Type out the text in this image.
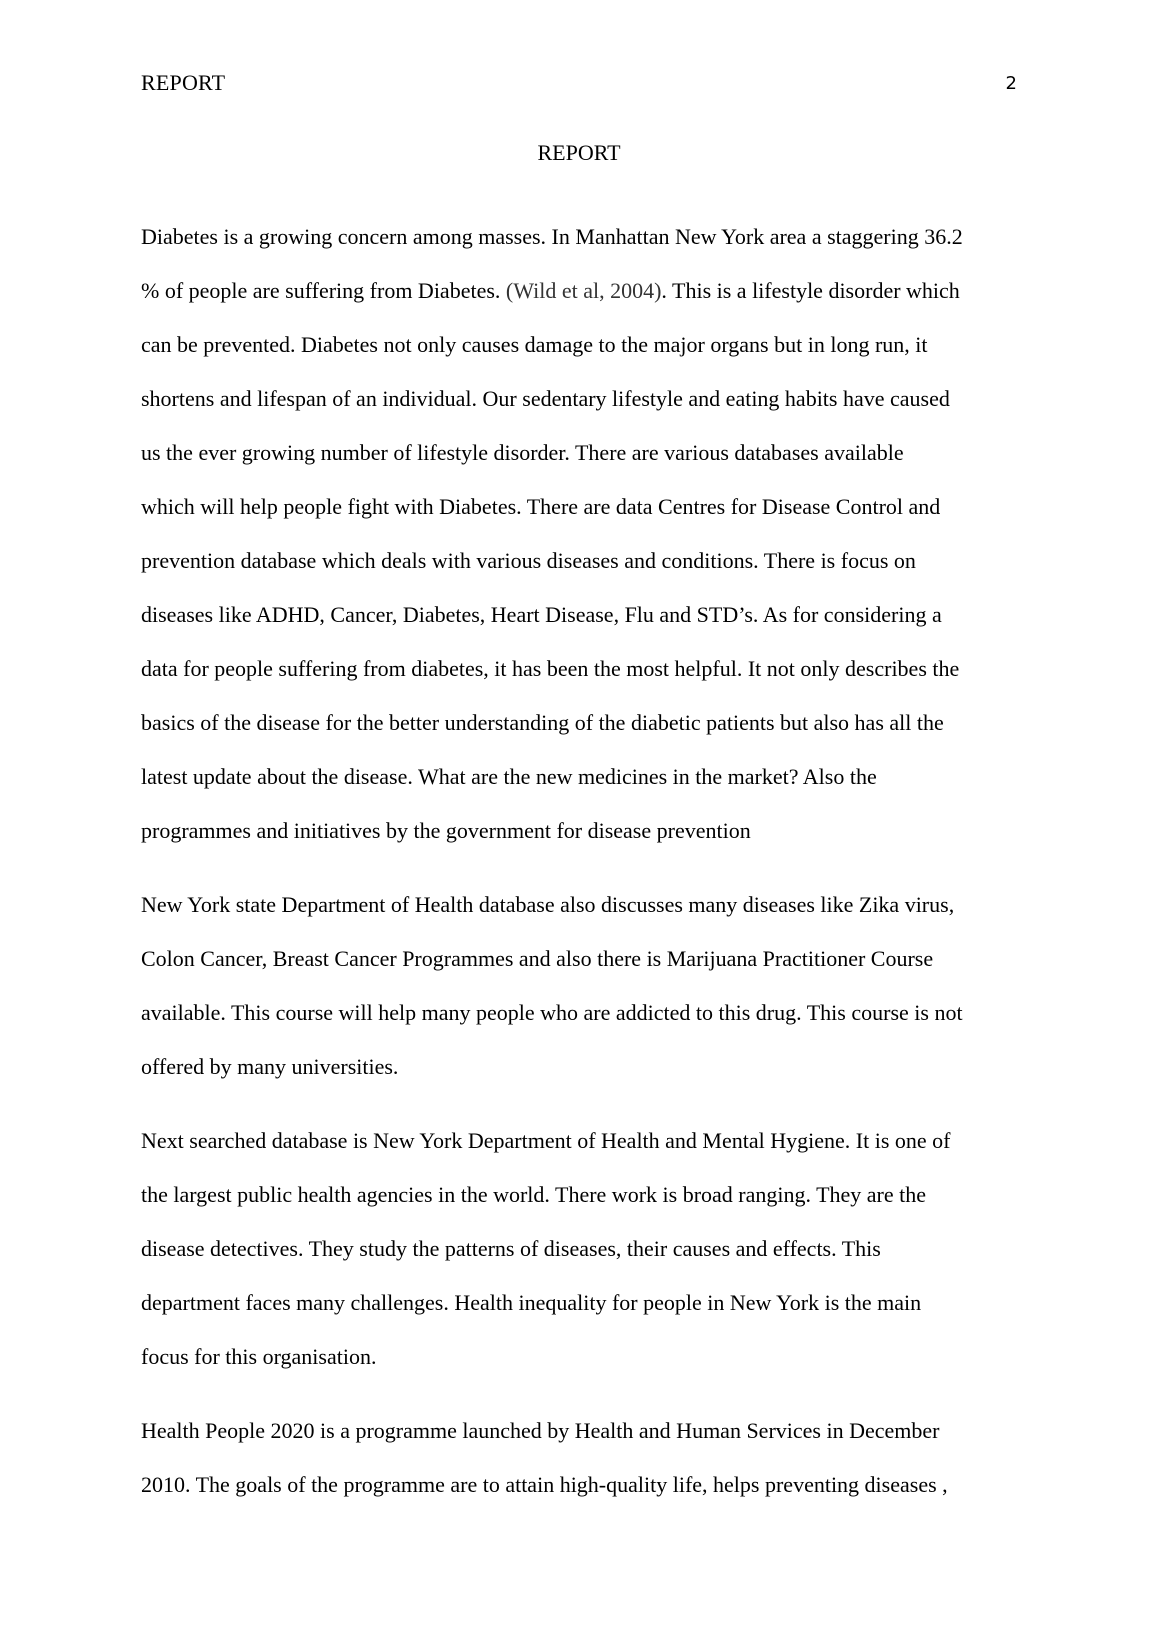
REPORT	2
REPORT

Diabetes is a growing concern among masses. In Manhattan New York area a staggering 36.2
% of people are suffering from Diabetes. (Wild et al, 2004). This is a lifestyle disorder which
can be prevented. Diabetes not only causes damage to the major organs but in long run, it
shortens and lifespan of an individual. Our sedentary lifestyle and eating habits have caused
us the ever growing number of lifestyle disorder. There are various databases available
which will help people fight with Diabetes. There are data Centres for Disease Control and
prevention database which deals with various diseases and conditions. There is focus on
diseases like ADHD, Cancer, Diabetes, Heart Disease, Flu and STD’s. As for considering a
data for people suffering from diabetes, it has been the most helpful. It not only describes the
basics of the disease for the better understanding of the diabetic patients but also has all the
latest update about the disease. What are the new medicines in the market? Also the
programmes and initiatives by the government for disease prevention

New York state Department of Health database also discusses many diseases like Zika virus,
Colon Cancer, Breast Cancer Programmes and also there is Marijuana Practitioner Course
available. This course will help many people who are addicted to this drug. This course is not
offered by many universities.

Next searched database is New York Department of Health and Mental Hygiene. It is one of
the largest public health agencies in the world. There work is broad ranging. They are the
disease detectives. They study the patterns of diseases, their causes and effects. This
department faces many challenges. Health inequality for people in New York is the main
focus for this organisation.

Health People 2020 is a programme launched by Health and Human Services in December
2010. The goals of the programme are to attain high-quality life, helps preventing diseases ,
